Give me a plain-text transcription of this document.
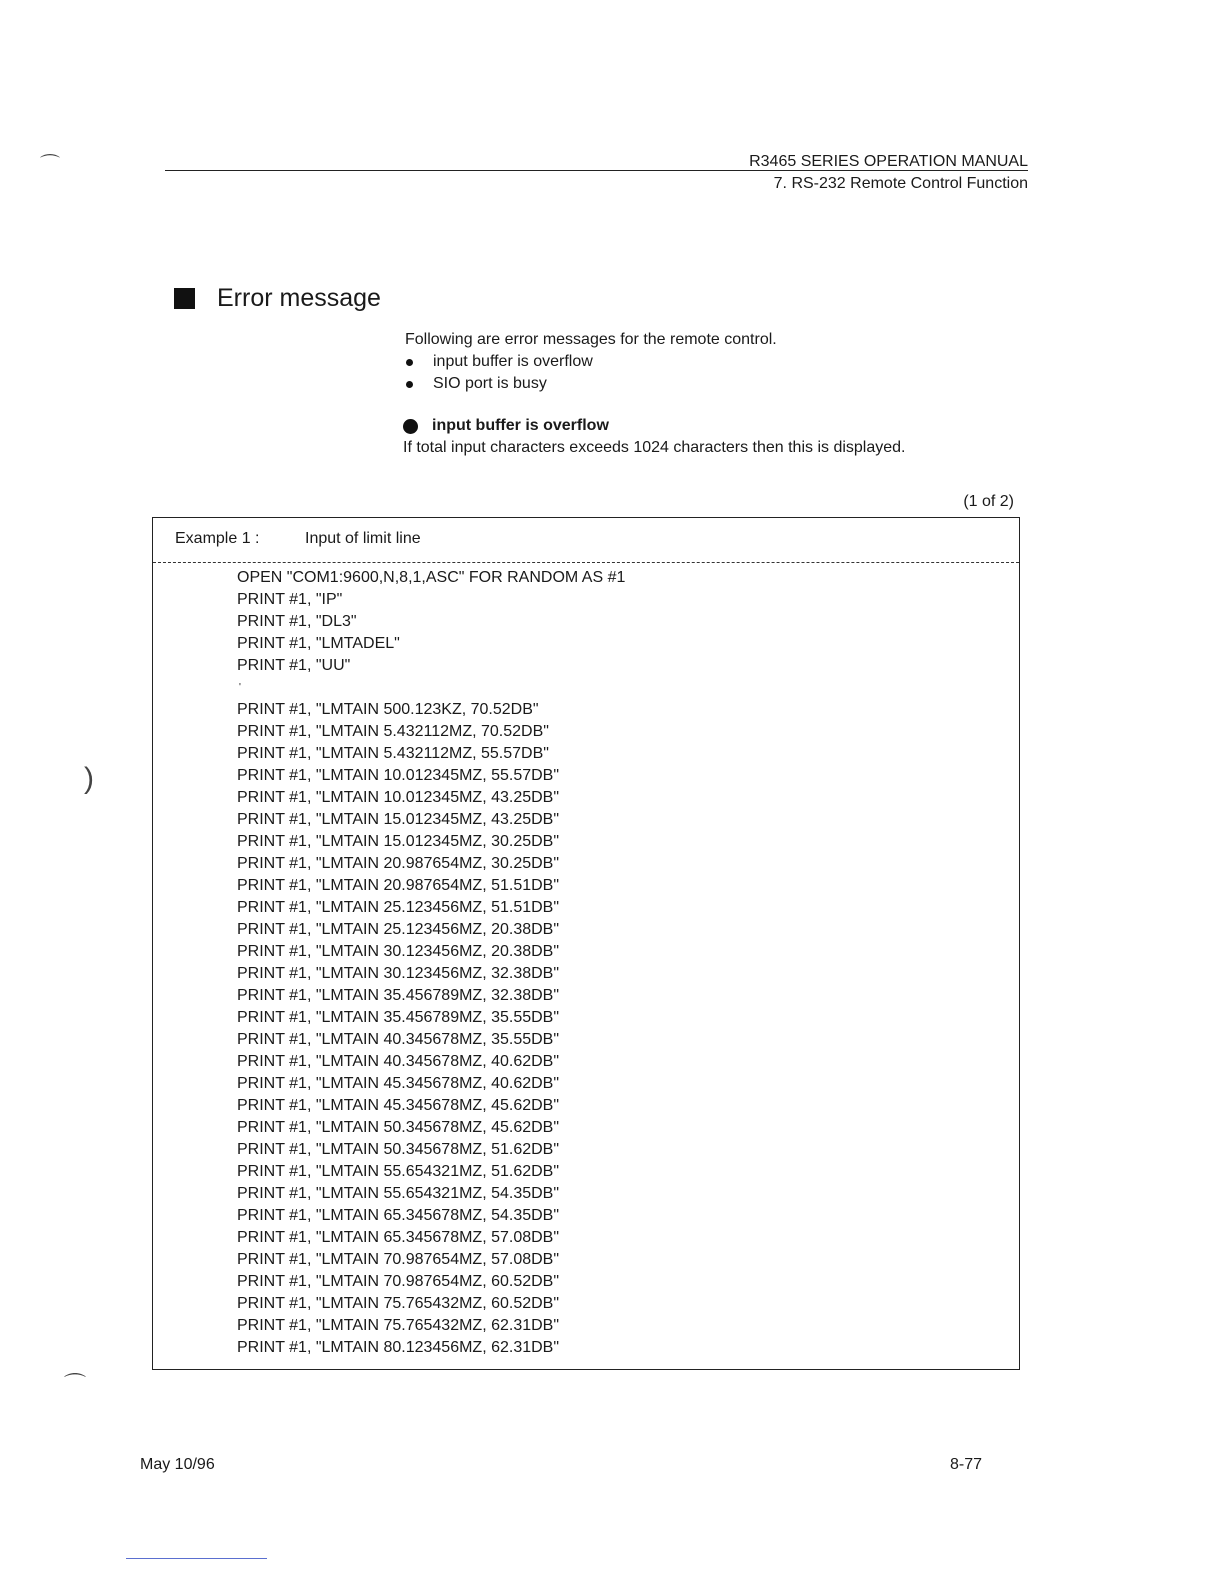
R3465 SERIES OPERATION MANUAL
7. RS-232 Remote Control Function
Error message
Following are error messages for the remote control.
input buffer is overflow
SIO port is busy
input buffer is overflow
If total input characters exceeds 1024 characters then this is displayed.
(1 of 2)
Example 1 :	Input of limit line
OPEN "COM1:9600,N,8,1,ASC" FOR RANDOM AS #1
PRINT #1, "IP"
PRINT #1, "DL3"
PRINT #1, "LMTADEL"
PRINT #1, "UU"
'
PRINT #1, "LMTAIN 500.123KZ, 70.52DB"
PRINT #1, "LMTAIN 5.432112MZ, 70.52DB"
PRINT #1, "LMTAIN 5.432112MZ, 55.57DB"
PRINT #1, "LMTAIN 10.012345MZ, 55.57DB"
PRINT #1, "LMTAIN 10.012345MZ, 43.25DB"
PRINT #1, "LMTAIN 15.012345MZ, 43.25DB"
PRINT #1, "LMTAIN 15.012345MZ, 30.25DB"
PRINT #1, "LMTAIN 20.987654MZ, 30.25DB"
PRINT #1, "LMTAIN 20.987654MZ, 51.51DB"
PRINT #1, "LMTAIN 25.123456MZ, 51.51DB"
PRINT #1, "LMTAIN 25.123456MZ, 20.38DB"
PRINT #1, "LMTAIN 30.123456MZ, 20.38DB"
PRINT #1, "LMTAIN 30.123456MZ, 32.38DB"
PRINT #1, "LMTAIN 35.456789MZ, 32.38DB"
PRINT #1, "LMTAIN 35.456789MZ, 35.55DB"
PRINT #1, "LMTAIN 40.345678MZ, 35.55DB"
PRINT #1, "LMTAIN 40.345678MZ, 40.62DB"
PRINT #1, "LMTAIN 45.345678MZ, 40.62DB"
PRINT #1, "LMTAIN 45.345678MZ, 45.62DB"
PRINT #1, "LMTAIN 50.345678MZ, 45.62DB"
PRINT #1, "LMTAIN 50.345678MZ, 51.62DB"
PRINT #1, "LMTAIN 55.654321MZ, 51.62DB"
PRINT #1, "LMTAIN 55.654321MZ, 54.35DB"
PRINT #1, "LMTAIN 65.345678MZ, 54.35DB"
PRINT #1, "LMTAIN 65.345678MZ, 57.08DB"
PRINT #1, "LMTAIN 70.987654MZ, 57.08DB"
PRINT #1, "LMTAIN 70.987654MZ, 60.52DB"
PRINT #1, "LMTAIN 75.765432MZ, 60.52DB"
PRINT #1, "LMTAIN 75.765432MZ, 62.31DB"
PRINT #1, "LMTAIN 80.123456MZ, 62.31DB"
May 10/96	8-77
)
⌒
⌒
